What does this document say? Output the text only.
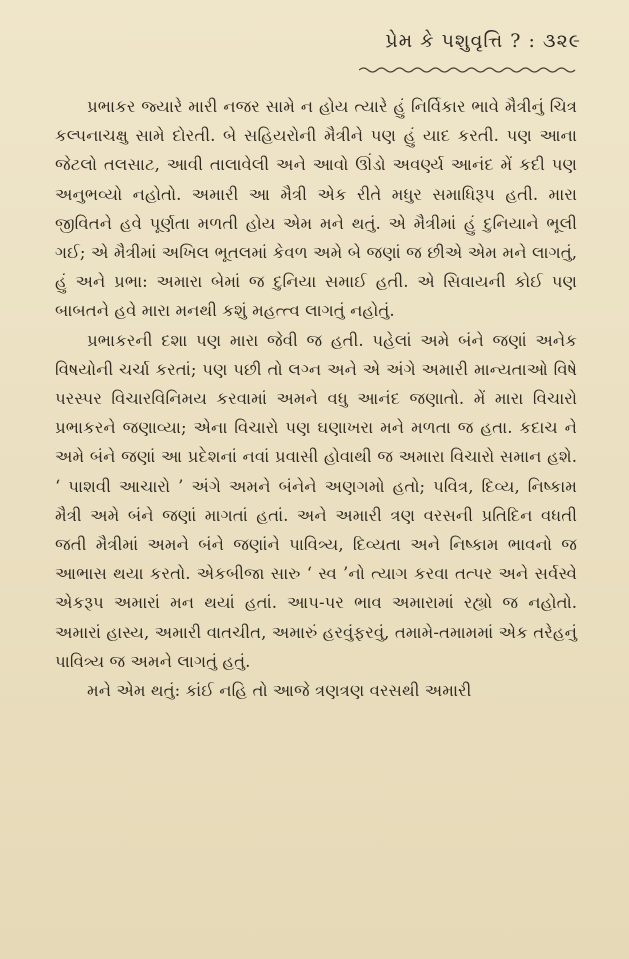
પ્રેમ કે પશુવૃત્તિ ? : ૩૨૯

પ્રભાકર જ્યારે મારી નજર સામે ન હોય ત્યારે હું નિર્વિકાર ભાવે મૈત્રીનું ચિત્ર કલ્પનાચક્ષુ સામે દોરતી. બે સહિયરોની મૈત્રીને પણ હું યાદ કરતી. પણ આના જેટલો તલસાટ, આવી તાલાવેલી અને આવો ઊંડો અવર્ણ્ય આનંદ મેં કદી પણ અનુભવ્યો નહોતો. અમારી આ મૈત્રી એક રીતે મધુર સમાધિરૂપ હતી. મારા જીવિતને હવે પૂર્ણતા મળતી હોય એમ મને થતું. એ મૈત્રીમાં હું દુનિયાને ભૂલી ગઈ; એ મૈત્રીમાં અખિલ ભૂતલમાં કેવળ અમે બે જણાં જ છીએ એમ મને લાગતું, હું અને પ્રભા: અમારા બેમાં જ દુનિયા સમાઈ હતી. એ સિવાયની કોઈ પણ બાબતને હવે મારા મનથી કશું મહત્ત્વ લાગતું નહોતું.

પ્રભાકરની દશા પણ મારા જેવી જ હતી. પહેલાં અમે બંને જણાં અનેક વિષયોની ચર્ચા કરતાં; પણ પછી તો લગ્ન અને એ અંગે અમારી માન્યતાઓ વિષે પરસ્પર વિચારવિનિમય કરવામાં અમને વધુ આનંદ જણાતો. મેં મારા વિચારો પ્રભાકરને જણાવ્યા; એના વિચારો પણ ઘણાખરા મને મળતા જ હતા. કદાચ ને અમે બંને જણાં આ પ્રદેશનાં નવાં પ્રવાસી હોવાથી જ અમારા વિચારો સમાન હશે. ‘ પાશવી આચારો ’ અંગે અમને બંનેને અણગમો હતો; પવિત્ર, દિવ્ય, નિષ્કામ મૈત્રી અમે બંને જણાં માગતાં હતાં. અને અમારી ત્રણ વરસની પ્રતિદિન વધતી જતી મૈત્રીમાં અમને બંને જણાંને પાવિત્ર્ય, દિવ્યતા અને નિષ્કામ ભાવનો જ આભાસ થયા કરતો. એકબીજા સારુ ‘ સ્વ ’નો ત્યાગ કરવા તત્પર અને સર્વસ્વે એકરૂપ અમારાં મન થયાં હતાં. આપ-પર ભાવ અમારામાં રહ્યો જ નહોતો. અમારાં હાસ્ય, અમારી વાતચીત, અમારું હરવુંફરવું, તમામે-તમામમાં એક તરેહનું પાવિત્ર્ય જ અમને લાગતું હતું.

મને એમ થતું: કાંઈ નહિ તો આજે ત્રણત્રણ વરસથી અમારી
